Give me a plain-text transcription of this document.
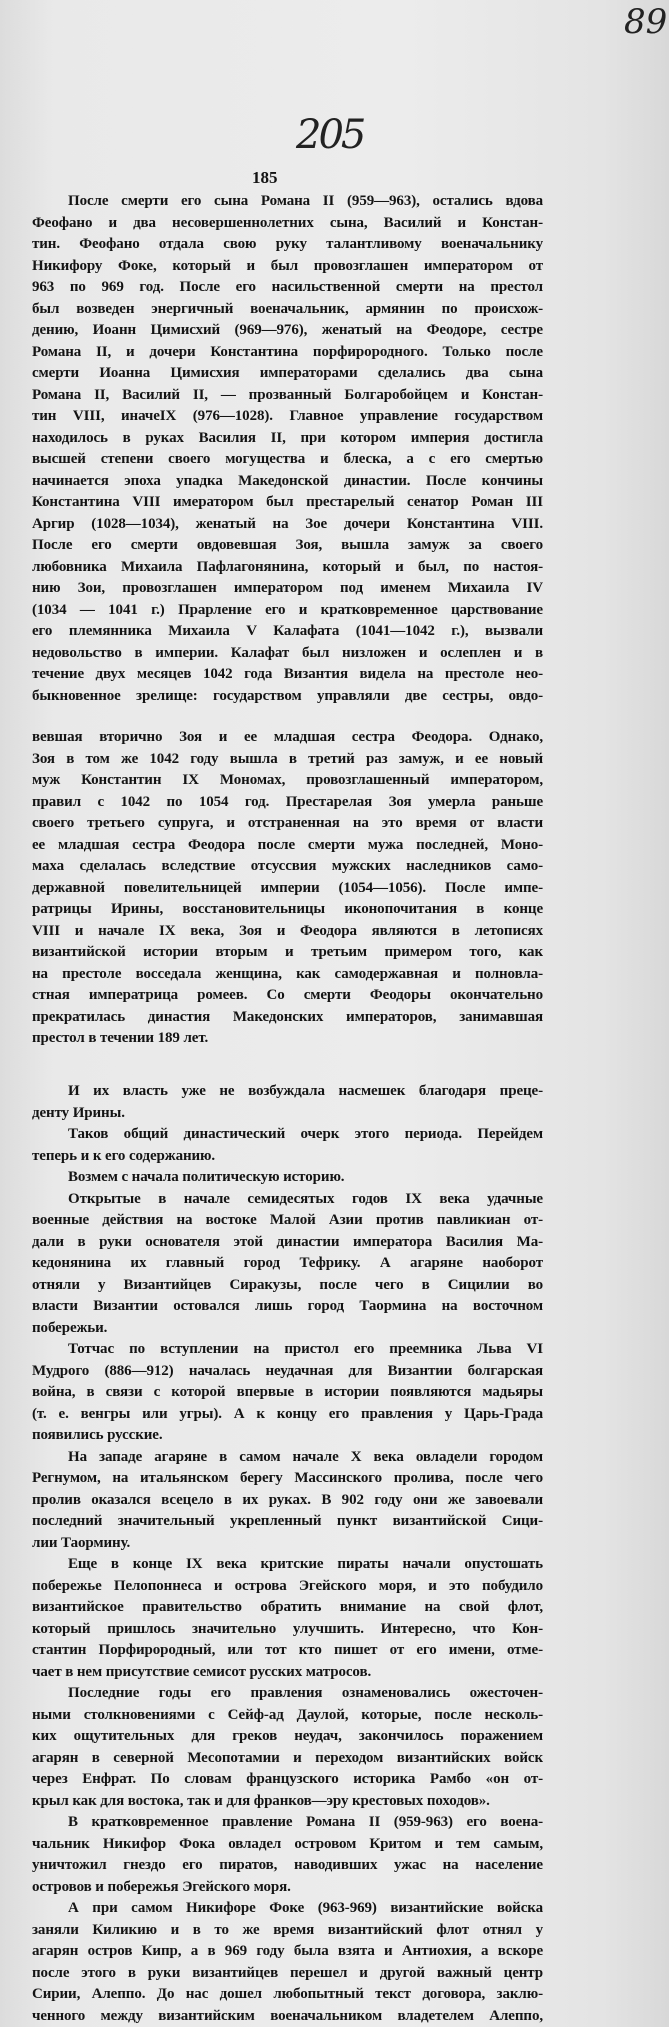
205
89
185
После смерти его сына Романа II (959—963), остались вдова
Феофано и два несовершеннолетних сына, Василий и Констан-
тин. Феофано отдала свою руку талантливому военачальнику
Никифору Фоке, который и был провозглашен императором от
963 по 969 год. После его насильственной смерти на престол
был возведен энергичный военачальник, армянин по происхож-
дению, Иоанн Цимисхий (969—976), женатый на Феодоре, сестре
Романа II, и дочери Константина порфирородного. Только после
смерти Иоанна Цимисхия императорами сделались два сына
Романа II, Василий II, — прозванный Болгаробойцем и Констан-
тин VIII, иначеIX (976—1028). Главное управление государством
находилось в руках Василия II, при котором империя достигла
высшей степени своего могущества и блеска, а с его смертью
начинается эпоха упадка Македонской династии. После кончины
Константина VIII имератором был престарелый сенатор Роман III
Аргир (1028—1034), женатый на Зое дочери Константина VIII.
После его смерти овдовевшая Зоя, вышла замуж за своего
любовника Михаила Пафлагонянина, который и был, по настоя-
нию Зои, провозглашен императором под именем Михаила IV
(1034 — 1041 г.) Прарление его и кратковременное царствование
его племянника Михаила V Калафата (1041—1042 г.), вызвали
недовольство в империи. Калафат был низложен и ослеплен и в
течение двух месяцев 1042 года Византия видела на престоле нео-
быкновенное зрелище: государством управляли две сестры, овдо-
вевшая вторично Зоя и ее младшая сестра Феодора. Однако,
Зоя в том же 1042 году вышла в третий раз замуж, и ее новый
муж Константин IX Мономах, провозглашенный императором,
правил с 1042 по 1054 год. Престарелая Зоя умерла раньше
своего третьего супруга, и отстраненная на это время от власти
ее младшая сестра Феодора после смерти мужа последней, Моно-
маха сделалась вследствие отсуссвия мужских наследников само-
державной повелительницей империи (1054—1056). После импе-
ратрицы Ирины, восстановительницы иконопочитания в конце
VIII и начале IX века, Зоя и Феодора являются в летописях
византийской истории вторым и третьим примером того, как
на престоле восседала женщина, как самодержавная и полновла-
стная императрица ромеев. Со смерти Феодоры окончательно
прекратилась династия Македонских императоров, занимавшая
престол в течении 189 лет.
И их власть уже не возбуждала насмешек благодаря преце-
денту Ирины.
Таков общий династический очерк этого периода. Перейдем
теперь и к его содержанию.
Возмем с начала политическую историю.
Открытые в начале семидесятых годов IX века удачные
военные действия на востоке Малой Азии против павликиан от-
дали в руки основателя этой династии императора Василия Ма-
кедонянина их главный город Тефрику. А агаряне наоборот
отняли у Византийцев Сиракузы, после чего в Сицилии во
власти Византии остовался лишь город Таормина на восточном
побережьи.
Тотчас по вступлении на пристол его преемника Льва VI
Мудрого (886—912) началась неудачная для Византии болгарская
война, в связи с которой впервые в истории появляются мадьяры
(т. е. венгры или угры). А к концу его правления у Царь-Града
появились русские.
На западе агаряне в самом начале X века овладели городом
Регнумом, на итальянском берегу Массинского пролива, после чего
пролив оказался всецело в их руках. В 902 году они же завоевали
последний значительный укрепленный пункт византийской Сици-
лии Таормину.
Еще в конце IX века критские пираты начали опустошать
побережье Пелопоннеса и острова Эгейского моря, и это побудило
византийское правительство обратить внимание на свой флот,
который пришлось значительно улучшить. Интересно, что Кон-
стантин Порфирородный, или тот кто пишет от его имени, отме-
чает в нем присутствие семисот русских матросов.
Последние годы его правления ознаменовались ожесточен-
ными столкновениями с Сейф-ад Даулой, которые, после несколь-
ких ощутительных для греков неудач, закончилось поражением
агарян в северной Месопотамии и переходом византийских войск
через Енфрат. По словам французского историка Рамбо «он от-
крыл как для востока, так и для франков—эру крестовых походов».
В кратковременное правление Романа II (959-963) его воена-
чальник Никифор Фока овладел островом Критом и тем самым,
уничтожил гнездо его пиратов, наводивших ужас на население
островов и побережья Эгейского моря.
А при самом Никифоре Фоке (963-969) византийские войска
заняли Киликию и в то же время византийский флот отнял у
агарян остров Кипр, а в 969 году была взята и Антиохия, а вскоре
после этого в руки византийцев перешел и другой важный центр
Сирии, Алеппо. До нас дошел любопытный текст договора, заклю-
ченного между византийским военачальником владетелем Алеппо,
